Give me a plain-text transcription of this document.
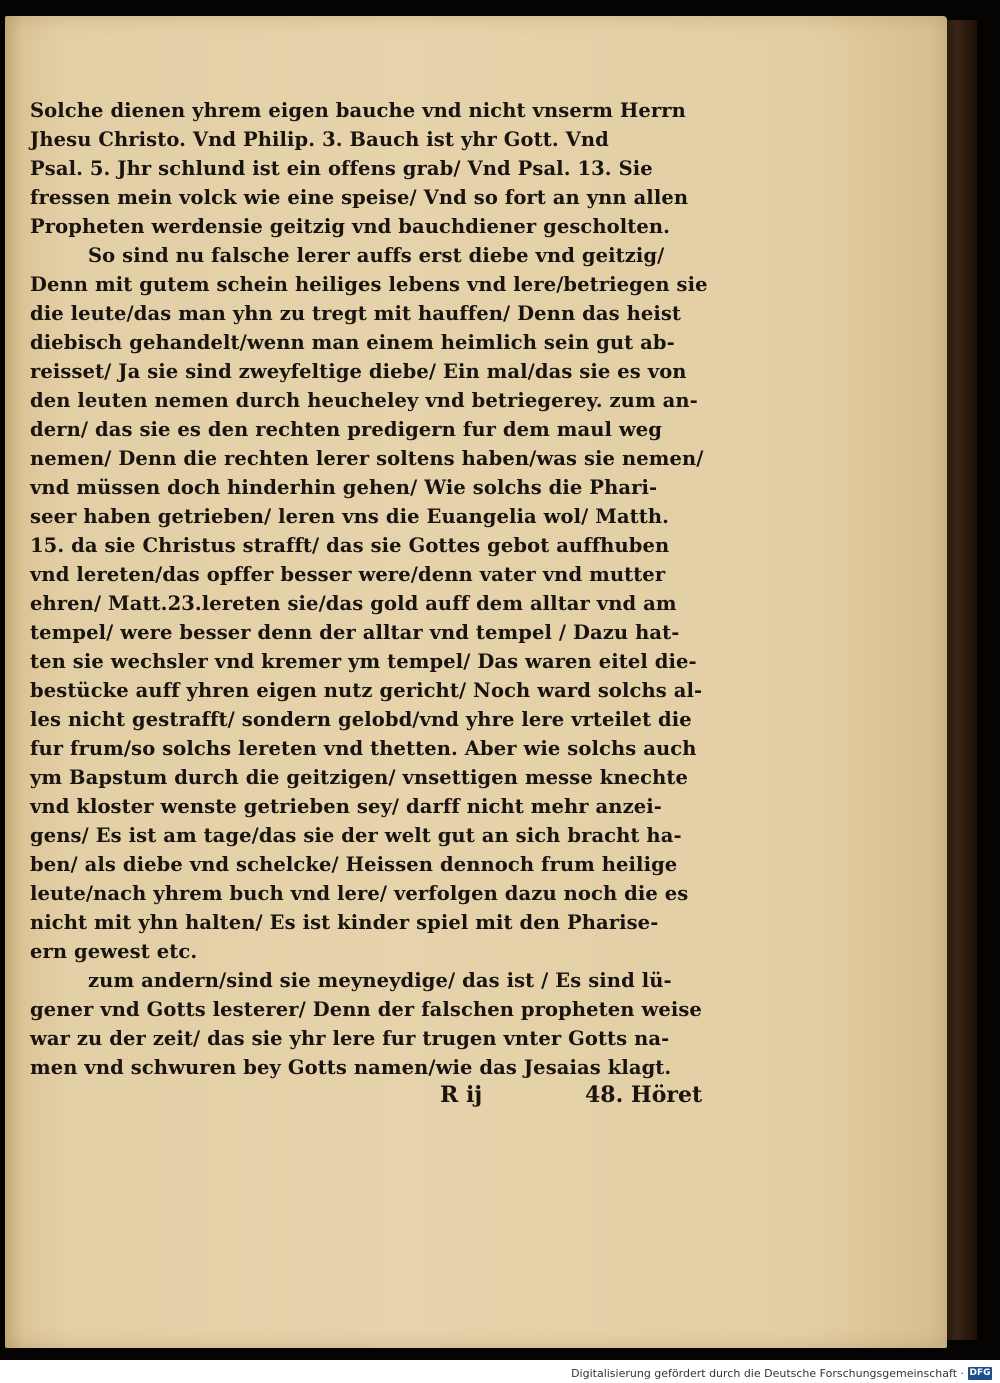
Solche dienen yhrem eigen bauche vnd nicht vnserm Herrn
Jhesu Christo. Vnd Philip. 3. Bauch ist yhr Gott. Vnd
Psal. 5. Jhr schlund ist ein offens grab/ Vnd Psal. 13. Sie
fressen mein volck wie eine speise/ Vnd so fort an ynn allen
Propheten werdensie geitzig vnd bauchdiener gescholten.
So sind nu falsche lerer auffs erst diebe vnd geitzig/
Denn mit gutem schein heiliges lebens vnd lere/betriegen sie
die leute/das man yhn zu tregt mit hauffen/ Denn das heist
diebisch gehandelt/wenn man einem heimlich sein gut ab-
reisset/ Ja sie sind zweyfeltige diebe/ Ein mal/das sie es von
den leuten nemen durch heucheley vnd betriegerey. zum an-
dern/ das sie es den rechten predigern fur dem maul weg
nemen/ Denn die rechten lerer soltens haben/was sie nemen/
vnd müssen doch hinderhin gehen/ Wie solchs die Phari-
seer haben getrieben/ leren vns die Euangelia wol/ Matth.
15. da sie Christus strafft/ das sie Gottes gebot auffhuben
vnd lereten/das opffer besser were/denn vater vnd mutter
ehren/ Matt.23.lereten sie/das gold auff dem alltar vnd am
tempel/ were besser denn der alltar vnd tempel / Dazu hat-
ten sie wechsler vnd kremer ym tempel/ Das waren eitel die-
bestücke auff yhren eigen nutz gericht/ Noch ward solchs al-
les nicht gestrafft/ sondern gelobd/vnd yhre lere vrteilet die
fur frum/so solchs lereten vnd thetten. Aber wie solchs auch
ym Bapstum durch die geitzigen/ vnsettigen messe knechte
vnd kloster wenste getrieben sey/ darff nicht mehr anzei-
gens/ Es ist am tage/das sie der welt gut an sich bracht ha-
ben/ als diebe vnd schelcke/ Heissen dennoch frum heilige
leute/nach yhrem buch vnd lere/ verfolgen dazu noch die es
nicht mit yhn halten/ Es ist kinder spiel mit den Pharise-
ern gewest etc.
zum andern/sind sie meyneydige/ das ist / Es sind lü-
gener vnd Gotts lesterer/ Denn der falschen propheten weise
war zu der zeit/ das sie yhr lere fur trugen vnter Gotts na-
men vnd schwuren bey Gotts namen/wie das Jesaias klagt.
R ij	48. Höret
Digitalisierung gefördert durch die Deutsche Forschungsgemeinschaft · DFG
